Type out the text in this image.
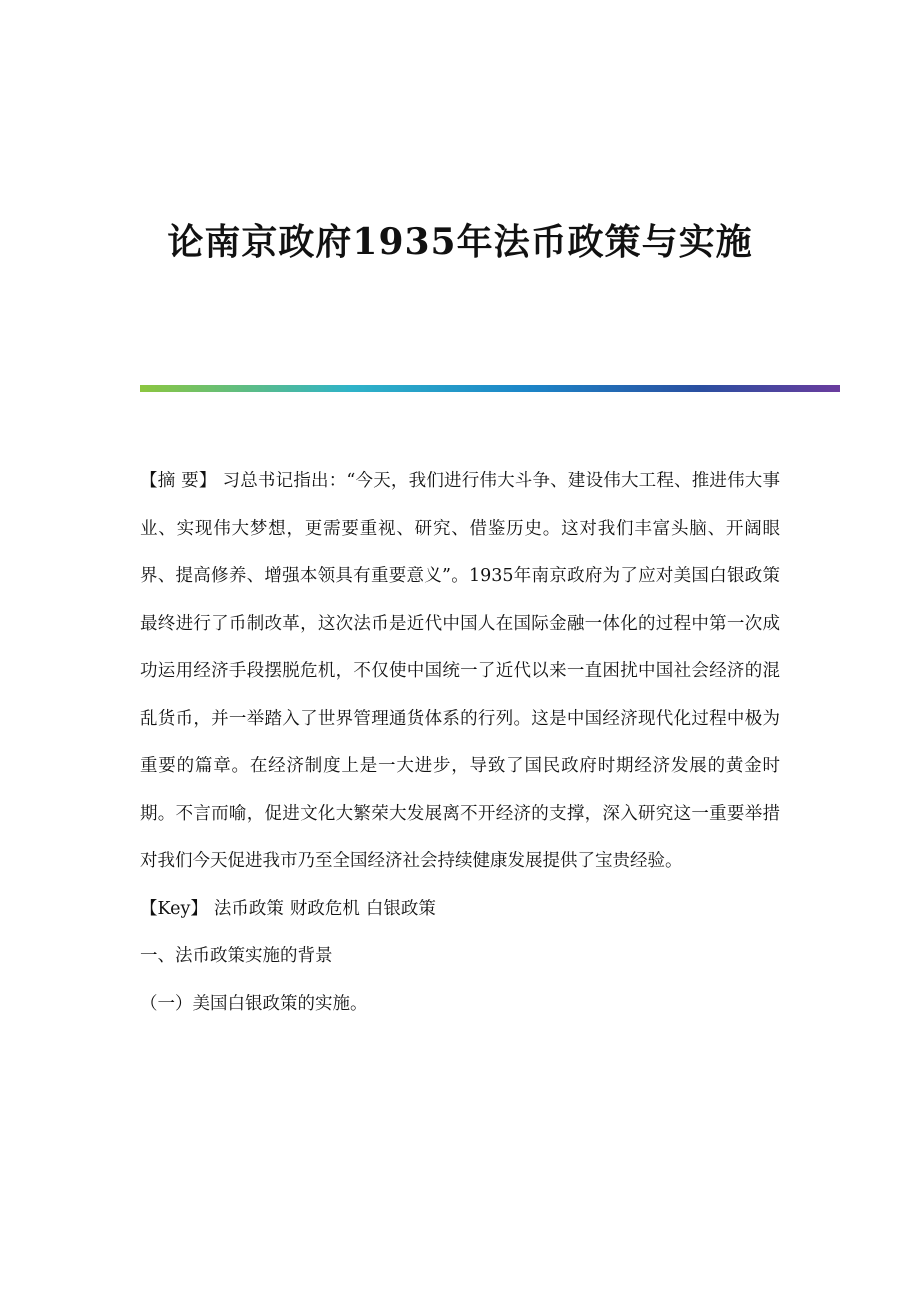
论南京政府1935年法币政策与实施

【摘 要】 习总书记指出：“今天，我们进行伟大斗争、建设伟大工程、推进伟大事业、实现伟大梦想，更需要重视、研究、借鉴历史。这对我们丰富头脑、开阔眼界、提高修养、增强本领具有重要意义”。1935年南京政府为了应对美国白银政策最终进行了币制改革，这次法币是近代中国人在国际金融一体化的过程中第一次成功运用经济手段摆脱危机，不仅使中国统一了近代以来一直困扰中国社会经济的混乱货币，并一举踏入了世界管理通货体系的行列。这是中国经济现代化过程中极为重要的篇章。在经济制度上是一大进步，导致了国民政府时期经济发展的黄金时期。不言而喻，促进文化大繁荣大发展离不开经济的支撑，深入研究这一重要举措对我们今天促进我市乃至全国经济社会持续健康发展提供了宝贵经验。

【Key】 法币政策 财政危机 白银政策

一、法币政策实施的背景

（一）美国白银政策的实施。
